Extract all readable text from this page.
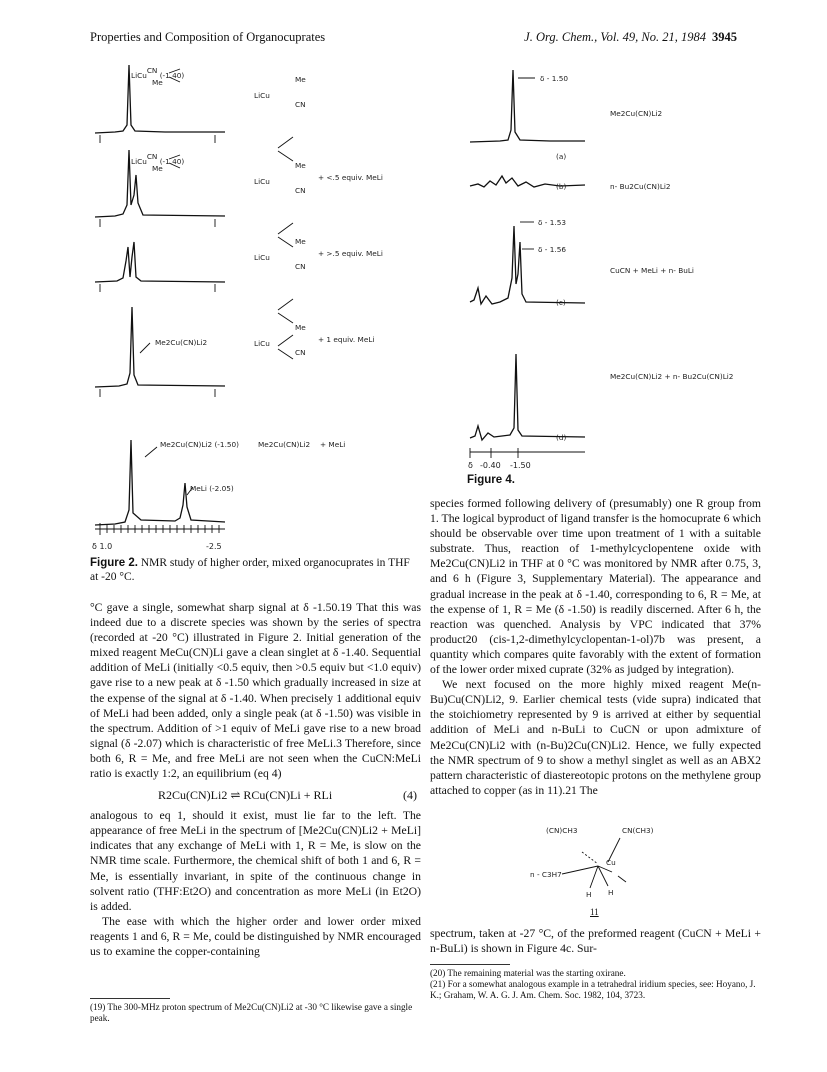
Properties and Composition of Organocuprates	J. Org. Chem., Vol. 49, No. 21, 1984 3945
LiCuCN (-1.40)
Me
LiCu
Me
CN
LiCuCN (-1.40)
Me
LiCu
Me
CN
+ <.5 equiv. MeLi
LiCu
Me
CN
+ >.5 equiv. MeLi
Me2Cu(CN)Li2	LiCu
Me
CN
+ 1 equiv. MeLi
Me2Cu(CN)Li2 (-1.50)	Me2Cu(CN)Li2 + MeLi
MeLi (-2.05)
δ 1.0	-2.5
Figure 2. NMR study of higher order, mixed organocuprates in THF at -20 °C.
δ - 1.50
Me2Cu(CN)Li2
(a)
(b)	n- Bu2Cu(CN)Li2
δ - 1.53
δ - 1.56
CuCN + MeLi + n- BuLi
(c)
Me2Cu(CN)Li2 + n- Bu2Cu(CN)Li2
(d)
δ -0.40 -1.50
Figure 4.

°C gave a single, somewhat sharp signal at δ -1.50.19 That this was indeed due to a discrete species was shown by the series of spectra (recorded at -20 °C) illustrated in Figure 2. Initial generation of the mixed reagent MeCu(CN)Li gave a clean singlet at δ -1.40. Sequential addition of MeLi (initially <0.5 equiv, then >0.5 equiv but <1.0 equiv) gave rise to a new peak at δ -1.50 which gradually increased in size at the expense of the signal at δ -1.40. When precisely 1 additional equiv of MeLi had been added, only a single peak (at δ -1.50) was visible in the spectrum. Addition of >1 equiv of MeLi gave rise to a new broad signal (δ -2.07) which is characteristic of free MeLi.3 Therefore, since both 6, R = Me, and free MeLi are not seen when the CuCN:MeLi ratio is exactly 1:2, an equilibrium (eq 4)

R2Cu(CN)Li2 ⇌ RCu(CN)Li + RLi	(4)

analogous to eq 1, should it exist, must lie far to the left. The appearance of free MeLi in the spectrum of [Me2Cu(CN)Li2 + MeLi] indicates that any exchange of MeLi with 1, R = Me, is slow on the NMR time scale. Furthermore, the chemical shift of both 1 and 6, R = Me, is essentially invariant, in spite of the continuous change in solvent ratio (THF:Et2O) and concentration as more MeLi (in Et2O) is added.

The ease with which the higher order and lower order mixed reagents 1 and 6, R = Me, could be distinguished by NMR encouraged us to examine the copper-containing

(19) The 300-MHz proton spectrum of Me2Cu(CN)Li2 at -30 °C likewise gave a single peak.

species formed following delivery of (presumably) one R group from 1. The logical byproduct of ligand transfer is the homocuprate 6 which should be observable over time upon treatment of 1 with a suitable substrate. Thus, reaction of 1-methylcyclopentene oxide with Me2Cu(CN)Li2 in THF at 0 °C was monitored by NMR after 0.75, 3, and 6 h (Figure 3, Supplementary Material). The appearance and gradual increase in the peak at δ -1.40, corresponding to 6, R = Me, at the expense of 1, R = Me (δ -1.50) is readily discerned. After 6 h, the reaction was quenched. Analysis by VPC indicated that 37% product20 (cis-1,2-dimethylcyclopentan-1-ol)7b was present, a quantity which compares quite favorably with the extent of formation of the lower order mixed cuprate (32% as judged by integration).

We next focused on the more highly mixed reagent Me(n-Bu)Cu(CN)Li2, 9. Earlier chemical tests (vide supra) indicated that the stoichiometry represented by 9 is arrived at either by sequential addition of MeLi and n-BuLi to CuCN or upon admixture of Me2Cu(CN)Li2 with (n-Bu)2Cu(CN)Li2. Hence, we fully expected the NMR spectrum of 9 to show a methyl singlet as well as an ABX2 pattern characteristic of diastereotopic protons on the methylene group attached to copper (as in 11).21 The

(CN)CH3	CN(CH3)
Cu
n - C3H7
H H
11

spectrum, taken at -27 °C, of the preformed reagent (CuCN + MeLi + n-BuLi) is shown in Figure 4c. Sur-

(20) The remaining material was the starting oxirane.
(21) For a somewhat analogous example in a tetrahedral iridium species, see: Hoyano, J. K.; Graham, W. A. G. J. Am. Chem. Soc. 1982, 104, 3723.
